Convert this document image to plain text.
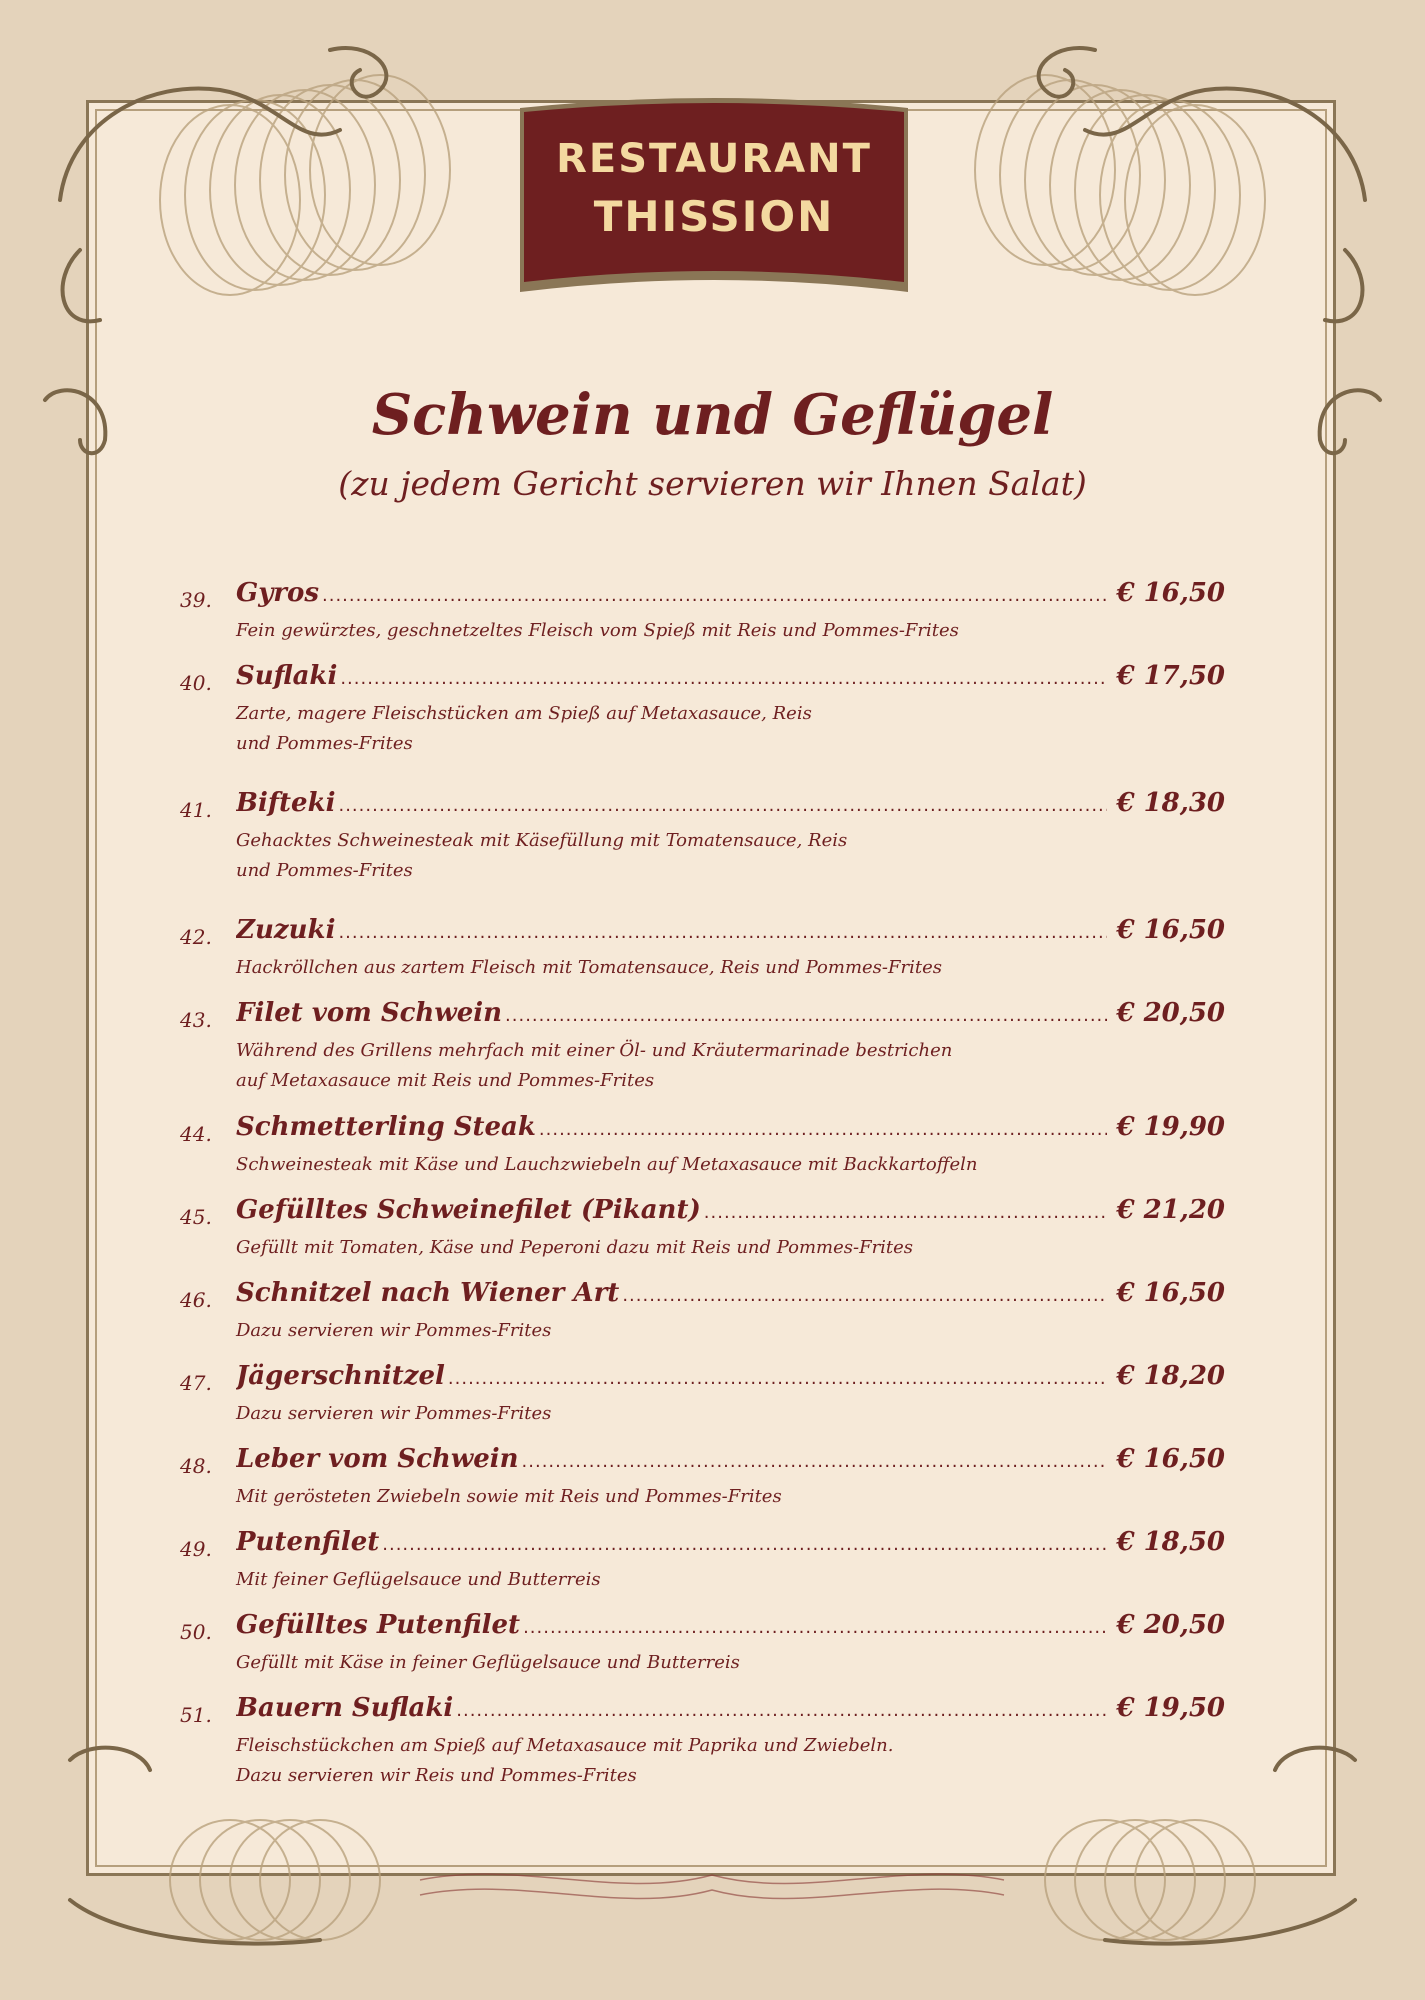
RESTAURANT
THISSION
Schwein und Geflügel
(zu jedem Gericht servieren wir Ihnen Salat)
39. Gyros .....	€ 16,50
Fein gewürztes, geschnetzeltes Fleisch vom Spieß mit Reis und Pommes-Frites
40. Suflaki .....	€ 17,50
Zarte, magere Fleischstücken am Spieß auf Metaxasauce, Reis
und Pommes-Frites
41. Bifteki .....	€ 18,30
Gehacktes Schweinesteak mit Käsefüllung mit Tomatensauce, Reis
und Pommes-Frites
42. Zuzuki .....	€ 16,50
Hackröllchen aus zartem Fleisch mit Tomatensauce, Reis und Pommes-Frites
43. Filet vom Schwein .....	€ 20,50
Während des Grillens mehrfach mit einer Öl- und Kräutermarinade bestrichen
auf Metaxasauce mit Reis und Pommes-Frites
44. Schmetterling Steak .....	€ 19,90
Schweinesteak mit Käse und Lauchzwiebeln auf Metaxasauce mit Backkartoffeln
45. Gefülltes Schweinefilet (Pikant) .....	€ 21,20
Gefüllt mit Tomaten, Käse und Peperoni dazu mit Reis und Pommes-Frites
46. Schnitzel nach Wiener Art .....	€ 16,50
Dazu servieren wir Pommes-Frites
47. Jägerschnitzel .....	€ 18,20
Dazu servieren wir Pommes-Frites
48. Leber vom Schwein .....	€ 16,50
Mit gerösteten Zwiebeln sowie mit Reis und Pommes-Frites
49. Putenfilet .....	€ 18,50
Mit feiner Geflügelsauce und Butterreis
50. Gefülltes Putenfilet .....	€ 20,50
Gefüllt mit Käse in feiner Geflügelsauce und Butterreis
51. Bauern Suflaki .....	€ 19,50
Fleischstückchen am Spieß auf Metaxasauce mit Paprika und Zwiebeln.
Dazu servieren wir Reis und Pommes-Frites
